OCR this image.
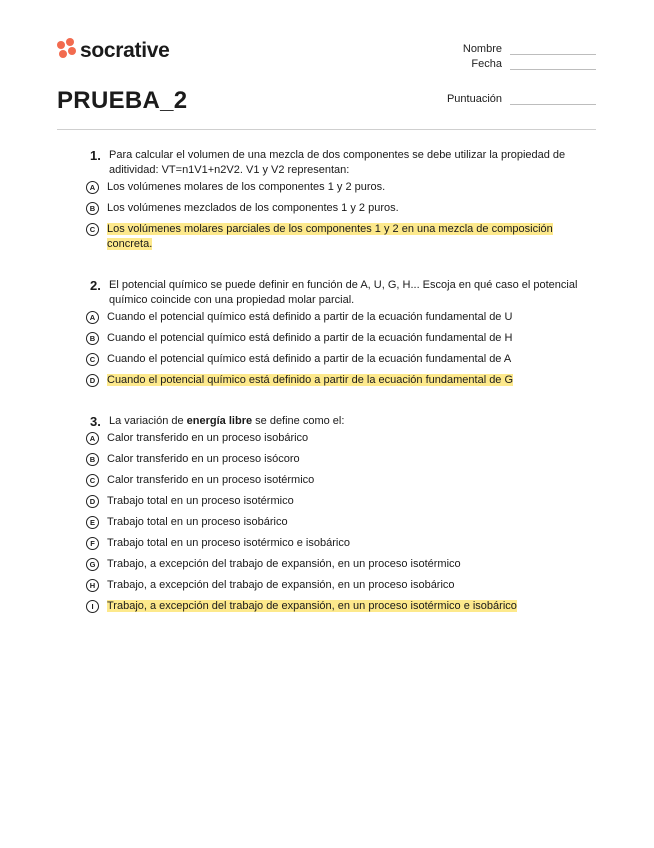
socrative	Nombre
Fecha
PRUEBA_2	Puntuación
1. Para calcular el volumen de una mezcla de dos componentes se debe utilizar la propiedad de aditividad: VT=n1V1+n2V2. V1 y V2 representan:
A	Los volúmenes molares de los componentes 1 y 2 puros.
B	Los volúmenes mezclados de los componentes 1 y 2 puros.
C	Los volúmenes molares parciales de los componentes 1 y 2 en una mezcla de composición concreta.
2. El potencial químico se puede definir en función de A, U, G, H... Escoja en qué caso el potencial químico coincide con una propiedad molar parcial.
A	Cuando el potencial químico está definido a partir de la ecuación fundamental de U
B	Cuando el potencial químico está definido a partir de la ecuación fundamental de H
C	Cuando el potencial químico está definido a partir de la ecuación fundamental de A
D	Cuando el potencial químico está definido a partir de la ecuación fundamental de G
3. La variación de energía libre se define como el:
A	Calor transferido en un proceso isobárico
B	Calor transferido en un proceso isócoro
C	Calor transferido en un proceso isotérmico
D	Trabajo total en un proceso isotérmico
E	Trabajo total en un proceso isobárico
F	Trabajo total en un proceso isotérmico e isobárico
G	Trabajo, a excepción del trabajo de expansión, en un proceso isotérmico
H	Trabajo, a excepción del trabajo de expansión, en un proceso isobárico
I	Trabajo, a excepción del trabajo de expansión, en un proceso isotérmico e isobárico
